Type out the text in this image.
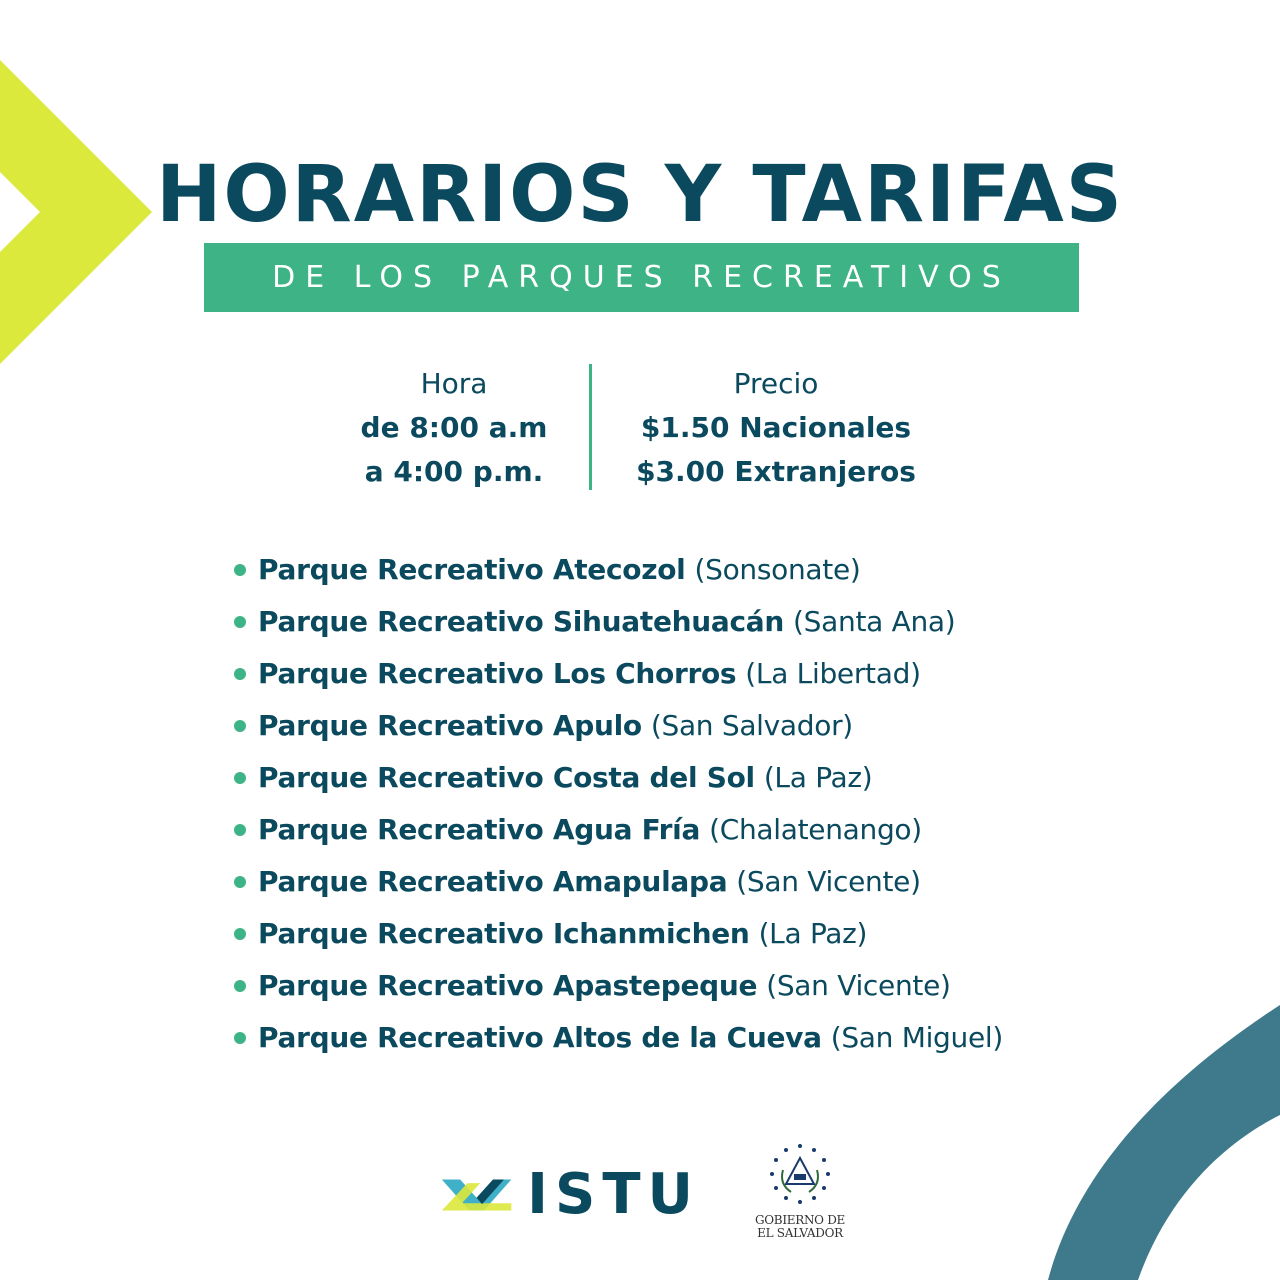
HORARIOS Y TARIFAS
DE LOS PARQUES RECREATIVOS
Hora
de 8:00 a.m
a 4:00 p.m.
Precio
$1.50 Nacionales
$3.00 Extranjeros
Parque Recreativo Atecozol (Sonsonate)
Parque Recreativo Sihuatehuacán (Santa Ana)
Parque Recreativo Los Chorros (La Libertad)
Parque Recreativo Apulo (San Salvador)
Parque Recreativo Costa del Sol (La Paz)
Parque Recreativo Agua Fría (Chalatenango)
Parque Recreativo Amapulapa (San Vicente)
Parque Recreativo Ichanmichen (La Paz)
Parque Recreativo Apastepeque (San Vicente)
Parque Recreativo Altos de la Cueva (San Miguel)
ISTU	GOBIERNO DE
EL SALVADOR
